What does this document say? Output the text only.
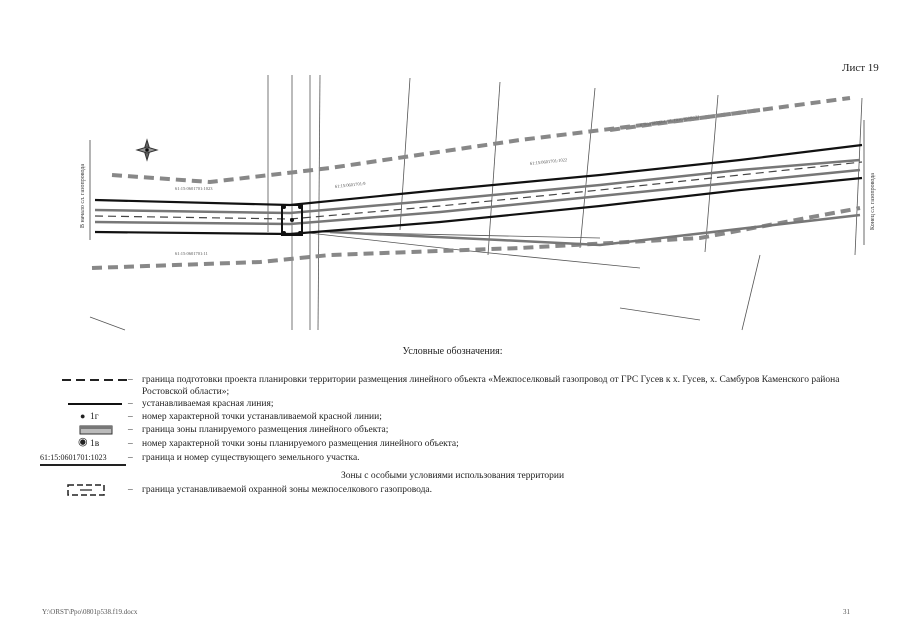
Лист 19
В начало сл. газопровода	Конец сл. газопровода
к подъездам сл. газопровода
61:15:0601701:1023	61:15:0601701:9
61:15:0601701:1022
61:15:0601701:11
Условные обозначения:
– граница подготовки проекта планировки территории размещения линейного объекта «Межпоселковый газопровод от ГРС Гусев к х. Гусев, х. Самбуров Каменского района Ростовской области»;
– устанавливаемая красная линия;
● 1г	– номер характерной точки устанавливаемой красной линии;
– граница зоны планируемого размещения линейного объекта;
◉ 1в	– номер характерной точки зоны планируемого размещения линейного объекта;
61:15:0601701:1023 – граница и номер существующего земельного участка.
Зоны с особыми условиями использования территории
– граница устанавливаемой охранной зоны межпоселкового газопровода.
Y:\ORST\Ppo\0801p538.f19.docx	31
